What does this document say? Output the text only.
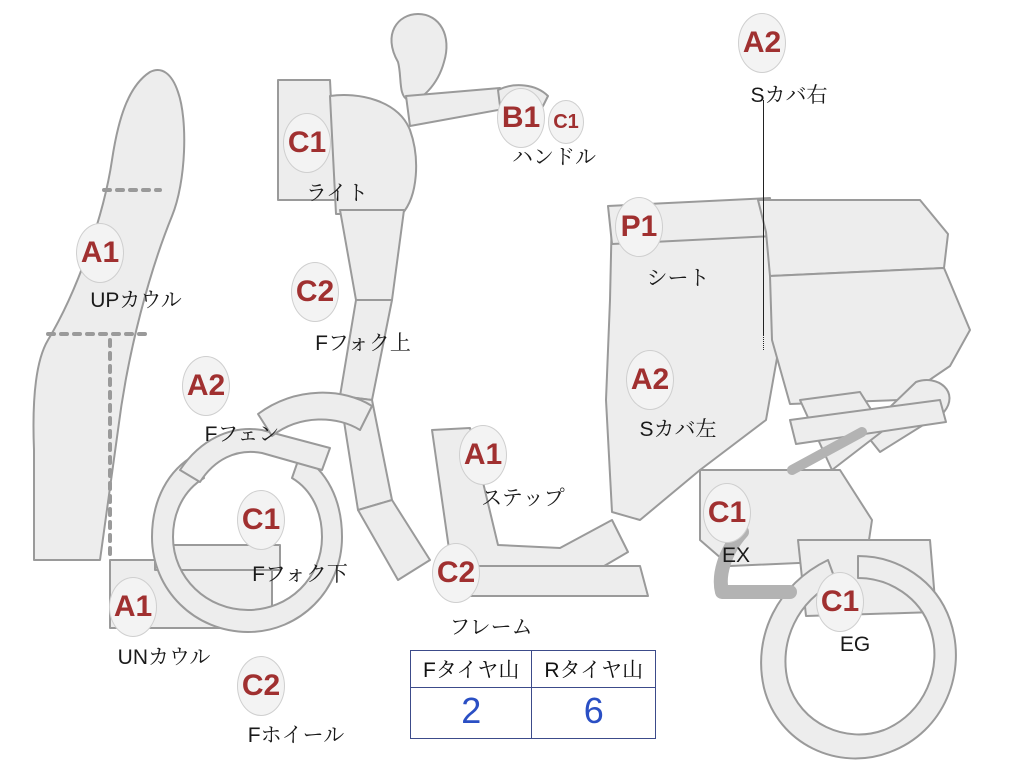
A1
UPカウル
C1
ライト
B1
ハンドル
C1
A2
Sカバ右
P1
シート
C2
Fフォク上
A2
Fフェン
A2
Sカバ左
A1
ステップ
C1
Fフォク下
C1
EX
A1
UNカウル
C2
フレーム
C1
EG
C2
Fホイール
Fタイヤ山	Rタイヤ山
2	6
